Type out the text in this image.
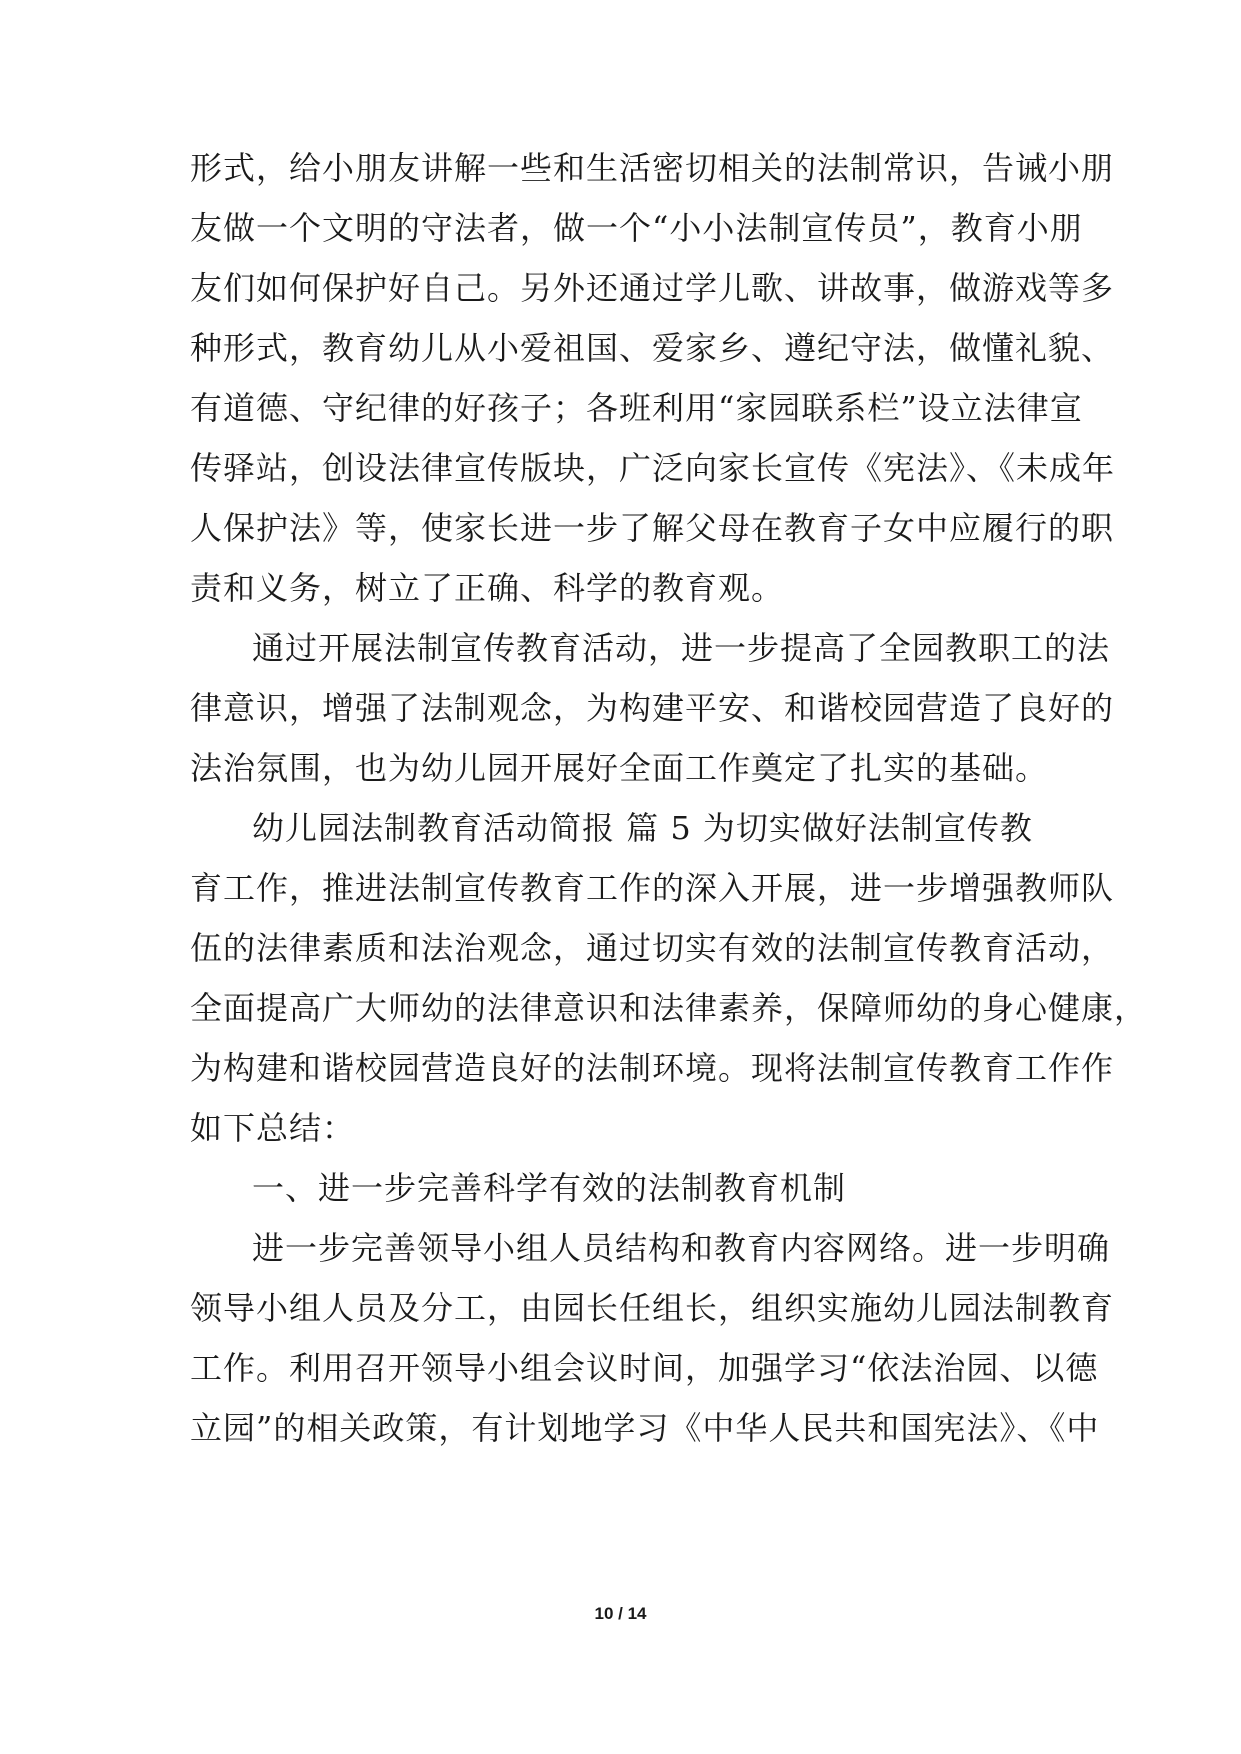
形式，给小朋友讲解一些和生活密切相关的法制常识，告诫小朋
友做一个文明的守法者，做一个“小小法制宣传员”，教育小朋
友们如何保护好自己。另外还通过学儿歌、讲故事，做游戏等多
种形式，教育幼儿从小爱祖国、爱家乡、遵纪守法，做懂礼貌、
有道德、守纪律的好孩子；各班利用“家园联系栏”设立法律宣
传驿站，创设法律宣传版块，广泛向家长宣传《宪法》、《未成年
人保护法》等，使家长进一步了解父母在教育子女中应履行的职
责和义务，树立了正确、科学的教育观。
通过开展法制宣传教育活动，进一步提高了全园教职工的法
律意识，增强了法制观念，为构建平安、和谐校园营造了良好的
法治氛围，也为幼儿园开展好全面工作奠定了扎实的基础。
幼儿园法制教育活动简报 篇 5 为切实做好法制宣传教
育工作，推进法制宣传教育工作的深入开展，进一步增强教师队
伍的法律素质和法治观念，通过切实有效的法制宣传教育活动，
全面提高广大师幼的法律意识和法律素养，保障师幼的身心健康，
为构建和谐校园营造良好的法制环境。现将法制宣传教育工作作
如下总结：
一、进一步完善科学有效的法制教育机制
进一步完善领导小组人员结构和教育内容网络。进一步明确
领导小组人员及分工，由园长任组长，组织实施幼儿园法制教育
工作。利用召开领导小组会议时间，加强学习“依法治园、以德
立园”的相关政策，有计划地学习《中华人民共和国宪法》、《中
10 / 14
